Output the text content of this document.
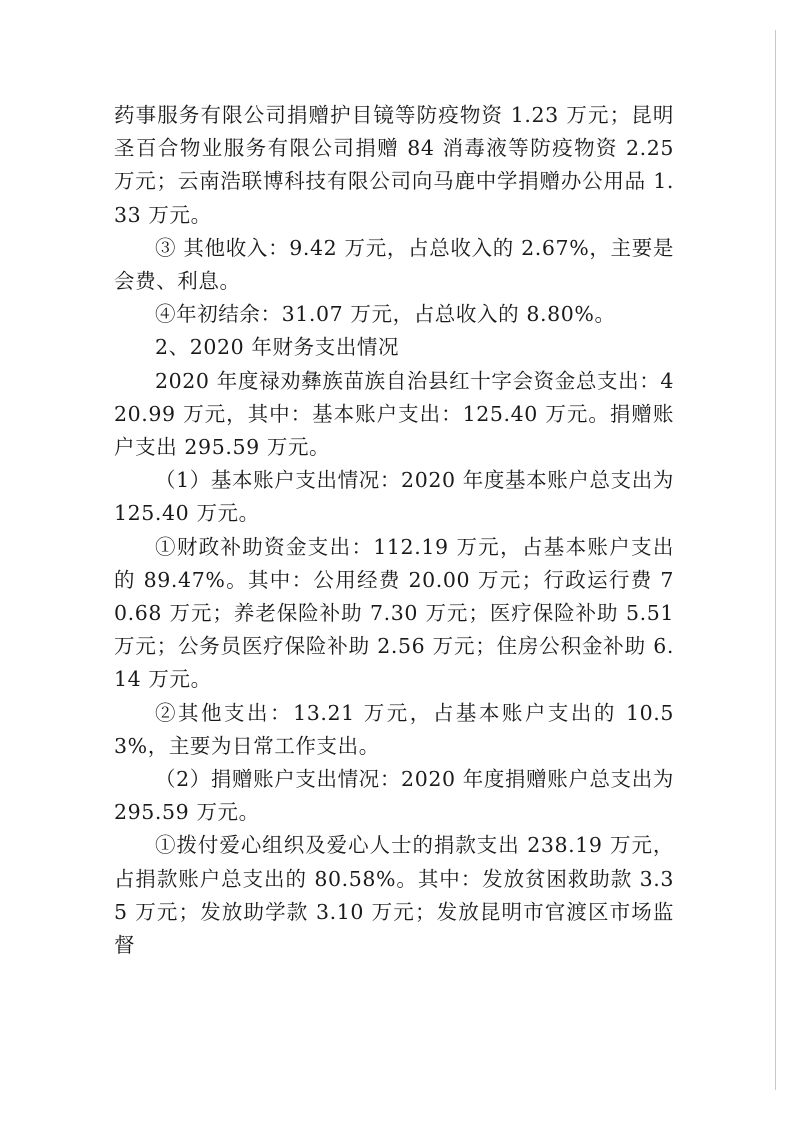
药事服务有限公司捐赠护目镜等防疫物资 1.23 万元；昆明圣百合物业服务有限公司捐赠 84 消毒液等防疫物资 2.25 万元；云南浩联博科技有限公司向马鹿中学捐赠办公用品 1.33 万元。

③ 其他收入：9.42 万元，占总收入的 2.67%，主要是会费、利息。

④年初结余：31.07 万元，占总收入的 8.80%。

2、2020 年财务支出情况

2020 年度禄劝彝族苗族自治县红十字会资金总支出：420.99 万元，其中：基本账户支出：125.40 万元。捐赠账户支出 295.59 万元。

（1）基本账户支出情况：2020 年度基本账户总支出为 125.40 万元。

①财政补助资金支出：112.19 万元，占基本账户支出的 89.47%。其中：公用经费 20.00 万元；行政运行费 70.68 万元；养老保险补助 7.30 万元；医疗保险补助 5.51 万元；公务员医疗保险补助 2.56 万元；住房公积金补助 6.14 万元。

②其他支出：13.21 万元，占基本账户支出的 10.53%，主要为日常工作支出。

（2）捐赠账户支出情况：2020 年度捐赠账户总支出为 295.59 万元。

①拨付爱心组织及爱心人士的捐款支出 238.19 万元，占捐款账户总支出的 80.58%。其中：发放贫困救助款 3.35 万元；发放助学款 3.10 万元；发放昆明市官渡区市场监督
